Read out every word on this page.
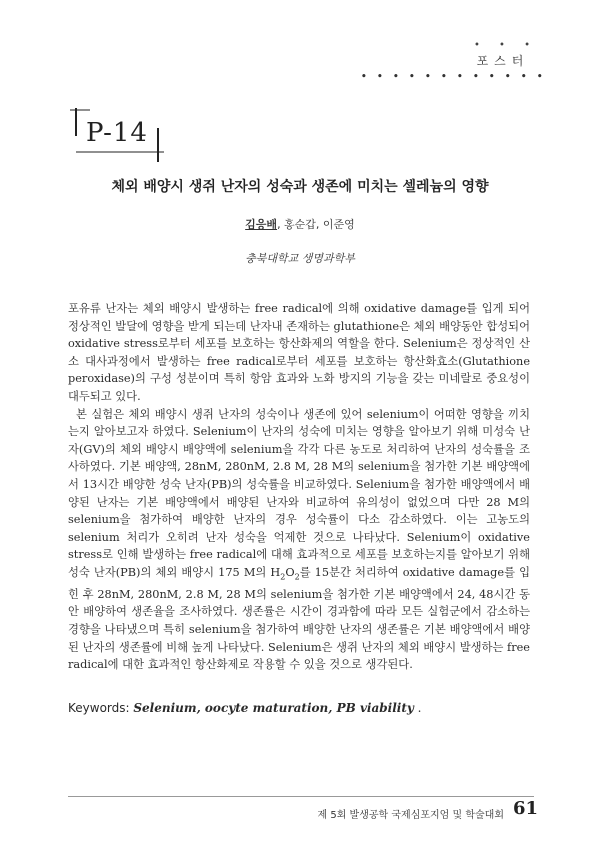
• • •
포스터
• • • • • • • • • • • •
P-14
체외 배양시 생쥐 난자의 성숙과 생존에 미치는 셀레늄의 영향
김응배, 홍순갑, 이준영
충북대학교 생명과학부

포유류 난자는 체외 배양시 발생하는 free radical에 의해 oxidative damage를 입게 되어 정상적인 발달에 영향을 받게 되는데 난자내 존재하는 glutathione은 체외 배양동안 합성되어 oxidative stress로부터 세포를 보호하는 항산화제의 역할을 한다. Selenium은 정상적인 산소 대사과정에서 발생하는 free radical로부터 세포를 보호하는 항산화효소(Glutathione peroxidase)의 구성 성분이며 특히 항암 효과와 노화 방지의 기능을 갖는 미네랄로 중요성이 대두되고 있다.

본 실험은 체외 배양시 생쥐 난자의 성숙이나 생존에 있어 selenium이 어떠한 영향을 끼치는지 알아보고자 하였다. Selenium이 난자의 성숙에 미치는 영향을 알아보기 위해 미성숙 난자(GV)의 체외 배양시 배양액에 selenium을 각각 다른 농도로 처리하여 난자의 성숙률을 조사하였다. 기본 배양액, 28nM, 280nM, 2.8 M, 28 M의 selenium을 첨가한 기본 배양액에서 13시간 배양한 성숙 난자(PB)의 성숙률을 비교하였다. Selenium을 첨가한 배양액에서 배양된 난자는 기본 배양액에서 배양된 난자와 비교하여 유의성이 없었으며 다만 28 M의 selenium을 첨가하여 배양한 난자의 경우 성숙률이 다소 감소하였다. 이는 고농도의 selenium 처리가 오히려 난자 성숙을 억제한 것으로 나타났다. Selenium이 oxidative stress로 인해 발생하는 free radical에 대해 효과적으로 세포를 보호하는지를 알아보기 위해 성숙 난자(PB)의 체외 배양시 175 M의 $H_2O_2$를 15분간 처리하여 oxidative damage를 입힌 후 28nM, 280nM, 2.8 M, 28 M의 selenium을 첨가한 기본 배양액에서 24, 48시간 동안 배양하여 생존율을 조사하였다. 생존률은 시간이 경과함에 따라 모든 실험군에서 감소하는 경향을 나타냈으며 특히 selenium을 첨가하여 배양한 난자의 생존률은 기본 배양액에서 배양된 난자의 생존률에 비해 높게 나타났다. Selenium은 생쥐 난자의 체외 배양시 발생하는 free radical에 대한 효과적인 항산화제로 작용할 수 있을 것으로 생각된다.

Keywords: Selenium, oocyte maturation, PB viability .
제 5회 발생공학 국제심포지엄 및 학술대회 61
